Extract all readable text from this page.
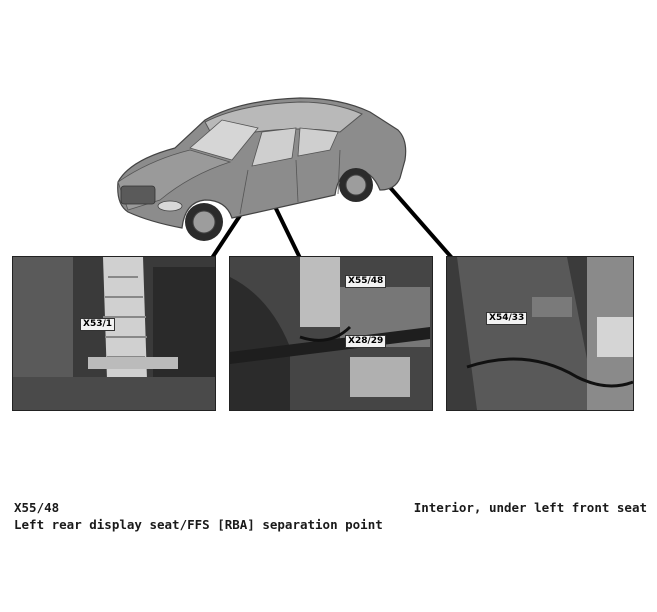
X53/1
X55/48
X28/29
X54/33
X55/48	Interior, under left front seat
Left rear display seat/FFS [RBA] separation point
